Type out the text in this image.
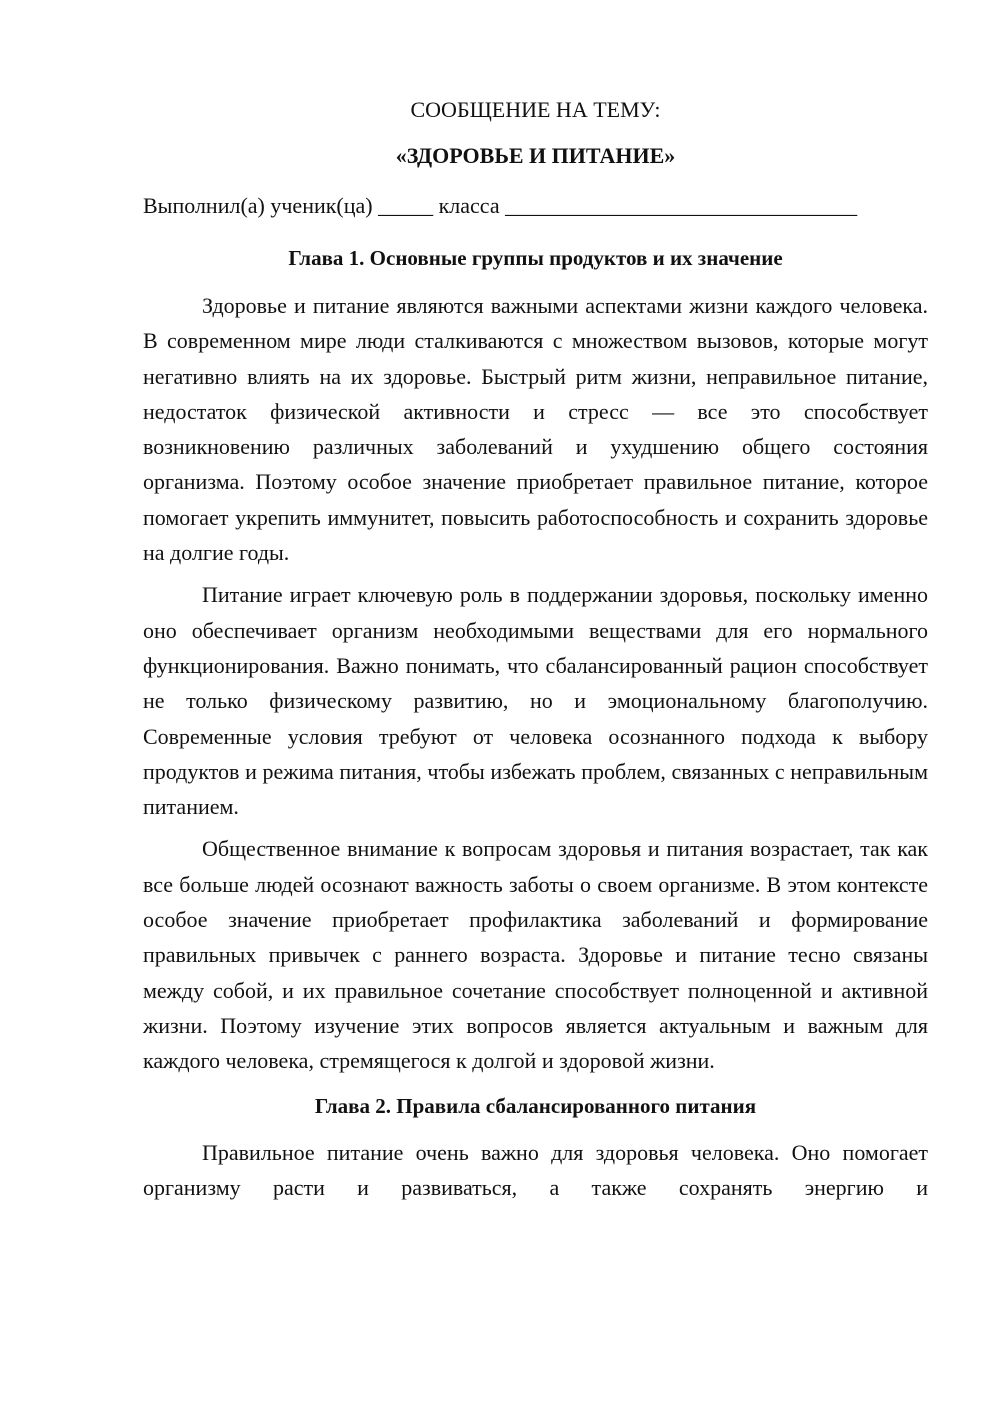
СООБЩЕНИЕ НА ТЕМУ:

«ЗДОРОВЬЕ И ПИТАНИЕ»

Выполнил(а) ученик(ца) _____ класса ________________________________

Глава 1. Основные группы продуктов и их значение

Здоровье и питание являются важными аспектами жизни каждого человека. В современном мире люди сталкиваются с множеством вызовов, которые могут негативно влиять на их здоровье. Быстрый ритм жизни, неправильное питание, недостаток физической активности и стресс — все это способствует возникновению различных заболеваний и ухудшению общего состояния организма. Поэтому особое значение приобретает правильное питание, которое помогает укрепить иммунитет, повысить работоспособность и сохранить здоровье на долгие годы.

Питание играет ключевую роль в поддержании здоровья, поскольку именно оно обеспечивает организм необходимыми веществами для его нормального функционирования. Важно понимать, что сбалансированный рацион способствует не только физическому развитию, но и эмоциональному благополучию. Современные условия требуют от человека осознанного подхода к выбору продуктов и режима питания, чтобы избежать проблем, связанных с неправильным питанием.

Общественное внимание к вопросам здоровья и питания возрастает, так как все больше людей осознают важность заботы о своем организме. В этом контексте особое значение приобретает профилактика заболеваний и формирование правильных привычек с раннего возраста. Здоровье и питание тесно связаны между собой, и их правильное сочетание способствует полноценной и активной жизни. Поэтому изучение этих вопросов является актуальным и важным для каждого человека, стремящегося к долгой и здоровой жизни.

Глава 2. Правила сбалансированного питания

Правильное питание очень важно для здоровья человека. Оно помогает организму расти и развиваться, а также сохранять энергию и
